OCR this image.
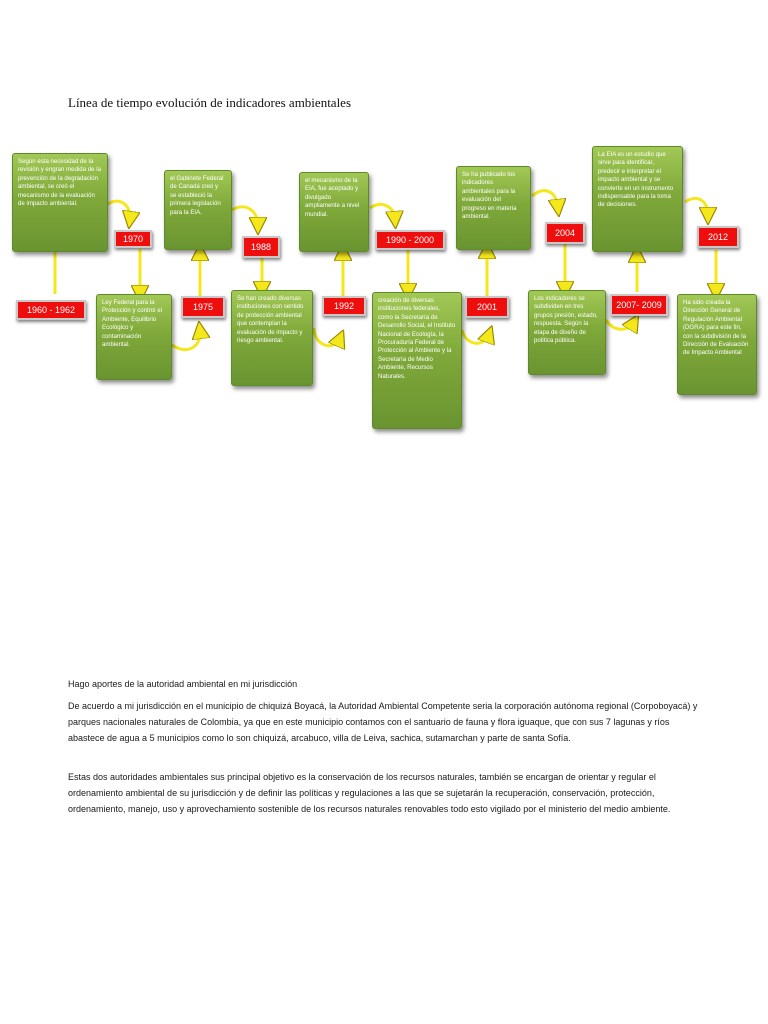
Línea de tiempo evolución de indicadores ambientales
Según esta necesidad de la revisión y engran medida de la prevención de la degradación ambiental, se creó el mecanismo de la evaluación de impacto ambiental.
el Gabinete Federal de Canadá creó y se estableció la primera legislación para la EIA.
el mecanismo de la EIA, fue aceptado y divulgado ampliamente a nivel mundial.
Se ha publicado los indicadores ambientales para la evaluación del progreso en materia ambiental.
La EIA es un estudio que sirve para identificar, predecir e interpretar el impacto ambiental y se convierte en un instrumento indispensable para la toma de decisiones.
Ley Federal para la Protección y control el Ambiente, Equilibrio Ecológico y contaminación ambiental.
Se han creado diversas instituciones con sentido de protección ambiental que contemplan la evaluación de impacto y riesgo ambiental.
creación de diversas instituciones federales, como la Secretaría de Desarrollo Social, el Instituto Nacional de Ecología, la Procuraduría Federal de Protección al Ambiente y la Secretaría de Medio Ambiente, Recursos Naturales.
Los indicadores se subdividen en tres grupos presión, estado, respuesta. Según la etapa de diseño de política pública.
Ha sido creada la Dirección General de Regulación Ambiental (DGRA) para este fin, con la subdivisión de la Dirección de Evaluación de Impacto Ambiental
1960 - 1962
1970
1975
1988
1992
1990 - 2000
2001
2004
2007- 2009
2012
Hago aportes de la autoridad ambiental en mi jurisdicción
De acuerdo a mi jurisdicción en el municipio de chiquizá Boyacá, la Autoridad Ambiental Competente seria la corporación autónoma regional (Corpoboyacá) y parques nacionales naturales de Colombia, ya que en este municipio contamos con el santuario de fauna y flora iguaque, que con sus 7 lagunas y ríos abastece de agua a 5 municipios como lo son chiquizá, arcabuco, villa de Leiva, sachica, sutamarchan y parte de santa Sofía.
Estas dos autoridades ambientales sus principal objetivo es la conservación de los recursos naturales, también se encargan de orientar y regular el ordenamiento ambiental de su jurisdicción y de definir las políticas y regulaciones a las que se sujetarán la recuperación, conservación, protección, ordenamiento, manejo, uso y aprovechamiento sostenible de los recursos naturales renovables todo esto vigilado por el ministerio del medio ambiente.
